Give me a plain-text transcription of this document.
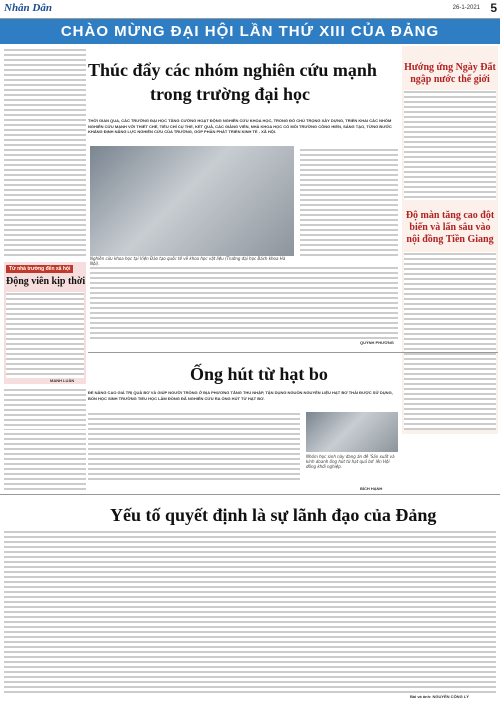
Nhân Dân	26-1-2021 5
CHÀO MỪNG ĐẠI HỘI LẦN THỨ XIII CỦA ĐẢNG
Thúc đẩy các nhóm nghiên cứu mạnh
trong trường đại học
THỜI GIAN QUA, CÁC TRƯỜNG ĐẠI HỌC TĂNG CƯỜNG HOẠT ĐỘNG NGHIÊN CỨU KHOA HỌC, TRONG ĐÓ CHÚ TRỌNG XÂY DỰNG, TRIỂN KHAI CÁC NHÓM NGHIÊN CỨU MẠNH VỚI THIẾT CHẾ, TIÊU CHÍ CỤ THỂ, KẾT QUẢ, CÁC GIẢNG VIÊN, NHÀ KHOA HỌC CÓ MÔI TRƯỜNG CÔNG HIẾN, SÁNG TẠO, TỪNG BƯỚC KHẲNG ĐỊNH NĂNG LỰC NGHIÊN CỨU CỦA TRƯỜNG, GÓP PHẦN PHÁT TRIỂN KINH TẾ - XÃ HỘI.
Nghiên cứu khoa học tại Viện Đào tạo quốc tế về khoa học vật liệu (Trường đại học Bách khoa Hà Nội).
QUỲNH PHƯƠNG
Từ nhà trường đến xã hội
Động viên kịp thời
MANH LUÂN
Hướng ứng Ngày Đất ngập nước thế giới
Độ màn tăng cao đột biến và lấn sâu vào nội đồng Tiền Giang
Ống hút từ hạt bo
ĐỂ NÂNG CAO GIÁ TRỊ QUẢ BƠ VÀ GIÚP NGƯỜI TRỒNG Ở ĐỊA PHƯƠNG TĂNG THU NHẬP, TẬN DỤNG NGUỒN NGUYÊN LIỆU HẠT BƠ THẢI ĐƯỢC SỬ DỤNG, BỐN HỌC SINH TRƯỜNG TIỂU HỌC LÂM ĐỒNG ĐÃ NGHIÊN CỨU RA ỐNG HÚT TỪ HẠT BƠ.
Nhóm học sinh này đang ăn đề 'Sản xuất và kinh doanh ống hút từ hạt quả bơ' lên Hội đồng khởi nghiệp.
BÍCH HẠNH
Yếu tố quyết định là sự lãnh đạo của Đảng
Bài và ảnh: NGUYỄN CÔNG LÝ
